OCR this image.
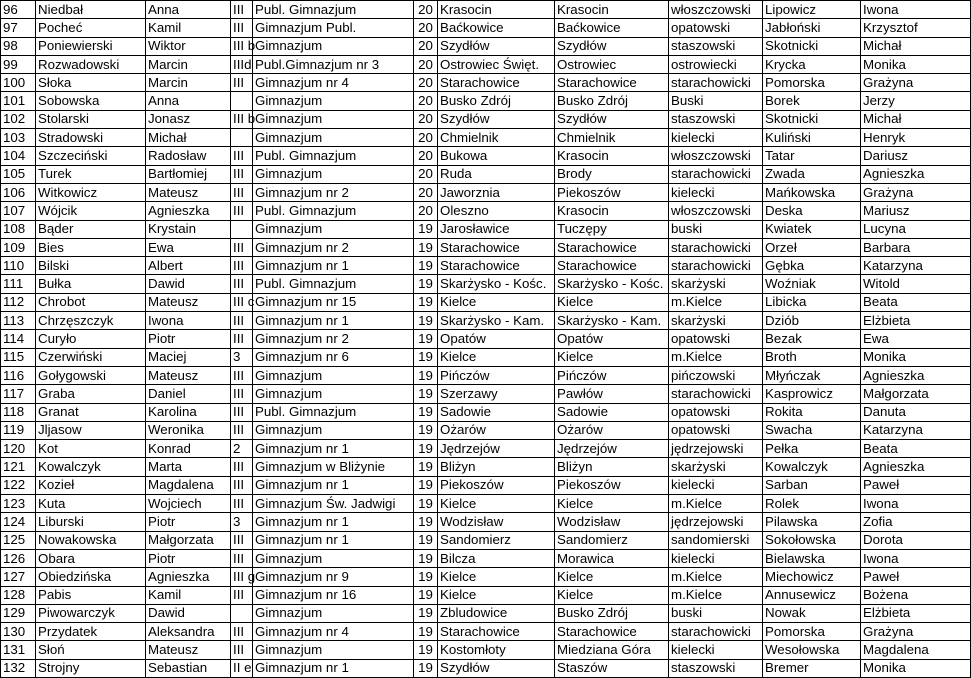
96	Niedbał	Anna	III	Publ. Gimnazjum	20	Krasocin	Krasocin	włoszczowski	Lipowicz	Iwona
97	Pocheć	Kamil	III	Gimnazjum Publ.	20	Baćkowice	Baćkowice	opatowski	Jabłoński	Krzysztof
98	Poniewierski	Wiktor	III b	Gimnazjum	20	Szydłów	Szydłów	staszowski	Skotnicki	Michał
99	Rozwadowski	Marcin	IIId	Publ.Gimnazjum nr 3	20	Ostrowiec Święt.	Ostrowiec	ostrowiecki	Krycka	Monika
100	Słoka	Marcin	III	Gimnazjum nr 4	20	Starachowice	Starachowice	starachowicki	Pomorska	Grażyna
101	Sobowska	Anna		Gimnazjum	20	Busko Zdrój	Busko Zdrój	Buski	Borek	Jerzy
102	Stolarski	Jonasz	III b	Gimnazjum	20	Szydłów	Szydłów	staszowski	Skotnicki	Michał
103	Stradowski	Michał		Gimnazjum	20	Chmielnik	Chmielnik	kielecki	Kuliński	Henryk
104	Szczeciński	Radosław	III	Publ. Gimnazjum	20	Bukowa	Krasocin	włoszczowski	Tatar	Dariusz
105	Turek	Bartłomiej	III	Gimnazjum	20	Ruda	Brody	starachowicki	Zwada	Agnieszka
106	Witkowicz	Mateusz	III	Gimnazjum nr 2	20	Jaworznia	Piekoszów	kielecki	Mańkowska	Grażyna
107	Wójcik	Agnieszka	III	Publ. Gimnazjum	20	Oleszno	Krasocin	włoszczowski	Deska	Mariusz
108	Bąder	Krystain		Gimnazjum	19	Jarosławice	Tuczępy	buski	Kwiatek	Lucyna
109	Bies	Ewa	III	Gimnazjum nr 2	19	Starachowice	Starachowice	starachowicki	Orzeł	Barbara
110	Bilski	Albert	III	Gimnazjum nr 1	19	Starachowice	Starachowice	starachowicki	Gębka	Katarzyna
111	Bułka	Dawid	III	Publ. Gimnazjum	19	Skarżysko - Kośc.	Skarżysko - Kośc.	skarżyski	Woźniak	Witold
112	Chrobot	Mateusz	III c	Gimnazjum nr 15	19	Kielce	Kielce	m.Kielce	Libicka	Beata
113	Chrzęszczyk	Iwona	III	Gimnazjum nr 1	19	Skarżysko - Kam.	Skarżysko - Kam.	skarżyski	Dziób	Elżbieta
114	Curyło	Piotr	III	Gimnazjum nr 2	19	Opatów	Opatów	opatowski	Bezak	Ewa
115	Czerwiński	Maciej	3	Gimnazjum nr 6	19	Kielce	Kielce	m.Kielce	Broth	Monika
116	Gołygowski	Mateusz	III	Gimnazjum	19	Pińczów	Pińczów	pińczowski	Młyńczak	Agnieszka
117	Graba	Daniel	III	Gimnazjum	19	Szerzawy	Pawłów	starachowicki	Kasprowicz	Małgorzata
118	Granat	Karolina	III	Publ. Gimnazjum	19	Sadowie	Sadowie	opatowski	Rokita	Danuta
119	Jljasow	Weronika	III	Gimnazjum	19	Ożarów	Ożarów	opatowski	Swacha	Katarzyna
120	Kot	Konrad	2	Gimnazjum nr 1	19	Jędrzejów	Jędrzejów	jędrzejowski	Pełka	Beata
121	Kowalczyk	Marta	III	Gimnazjum w Bliżynie	19	Bliżyn	Bliżyn	skarżyski	Kowalczyk	Agnieszka
122	Kozieł	Magdalena	III	Gimnazjum nr 1	19	Piekoszów	Piekoszów	kielecki	Sarban	Paweł
123	Kuta	Wojciech	III	Gimnazjum Św. Jadwigi	19	Kielce	Kielce	m.Kielce	Rolek	Iwona
124	Liburski	Piotr	3	Gimnazjum nr 1	19	Wodzisław	Wodzisław	jędrzejowski	Pilawska	Zofia
125	Nowakowska	Małgorzata	III	Gimnazjum nr 1	19	Sandomierz	Sandomierz	sandomierski	Sokołowska	Dorota
126	Obara	Piotr	III	Gimnazjum	19	Bilcza	Morawica	kielecki	Bielawska	Iwona
127	Obiedzińska	Agnieszka	III g	Gimnazjum nr 9	19	Kielce	Kielce	m.Kielce	Miechowicz	Paweł
128	Pabis	Kamil	III	Gimnazjum nr 16	19	Kielce	Kielce	m.Kielce	Annusewicz	Bożena
129	Piwowarczyk	Dawid		Gimnazjum	19	Zbludowice	Busko Zdrój	buski	Nowak	Elżbieta
130	Przydatek	Aleksandra	III	Gimnazjum nr 4	19	Starachowice	Starachowice	starachowicki	Pomorska	Grażyna
131	Słoń	Mateusz	III	Gimnazjum	19	Kostomłoty	Miedziana Góra	kielecki	Wesołowska	Magdalena
132	Strojny	Sebastian	II e	Gimnazjum nr 1	19	Szydłów	Staszów	staszowski	Bremer	Monika
